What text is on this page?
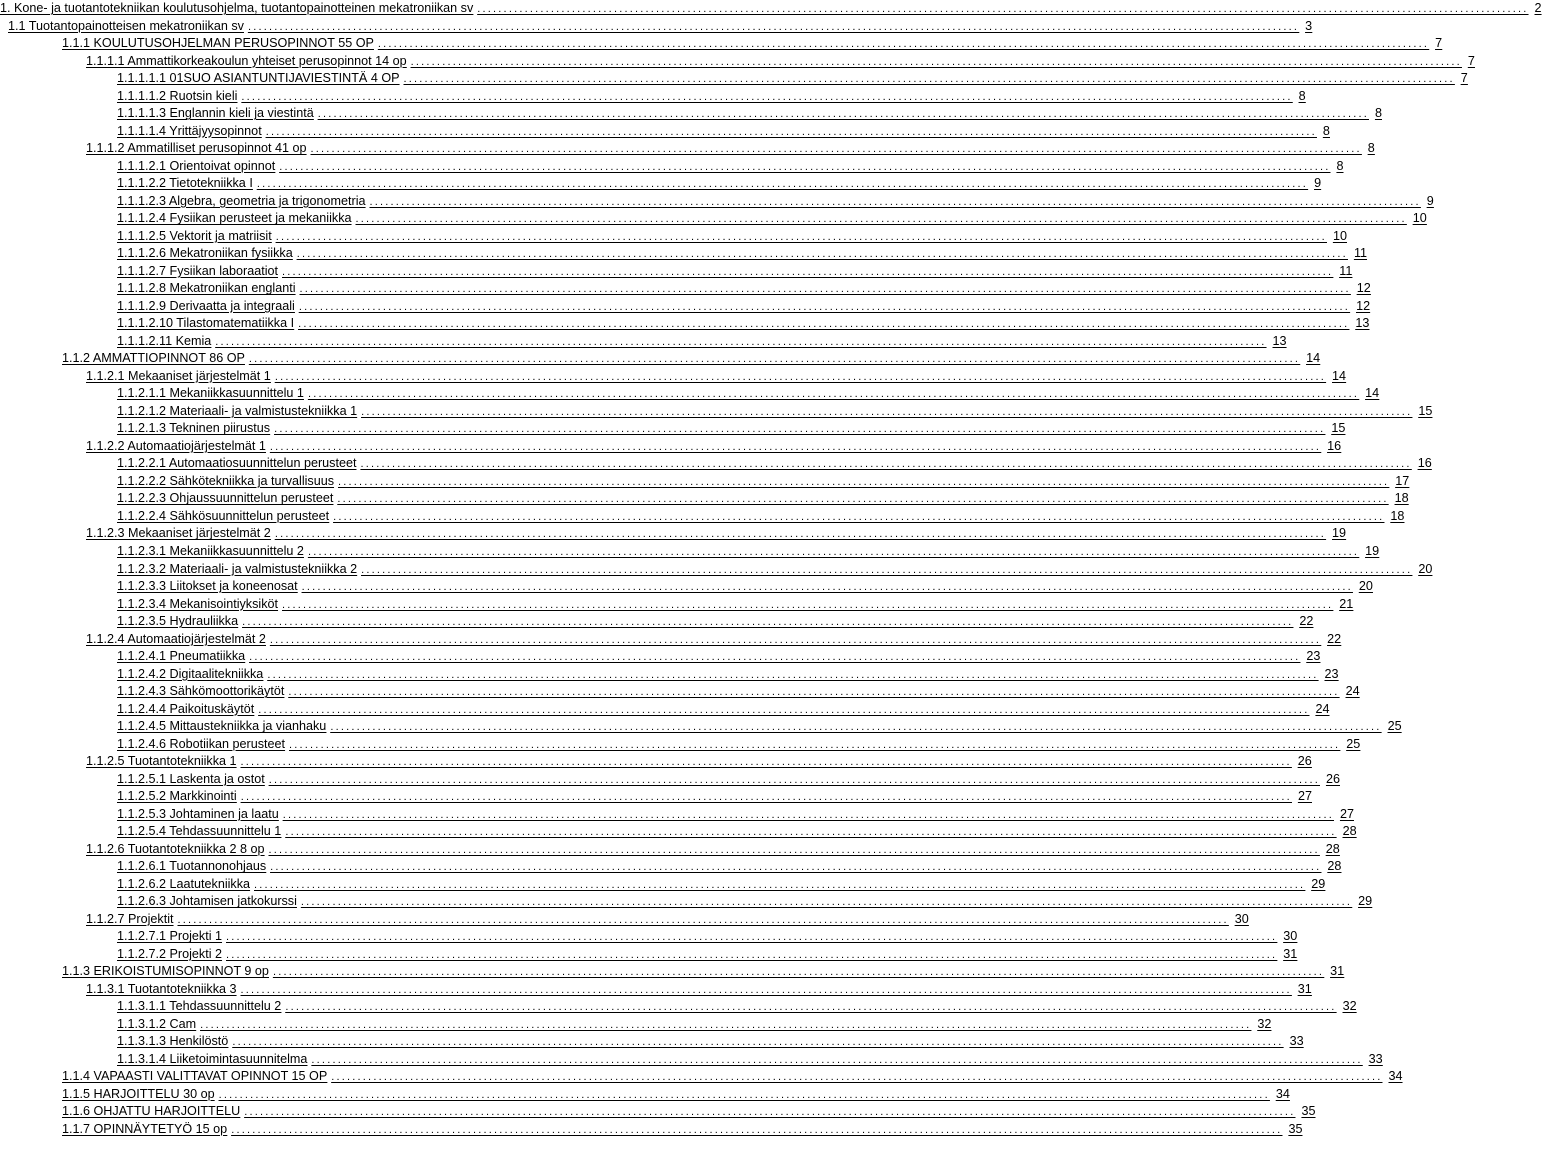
1. Kone- ja tuotantotekniikan koulutusohjelma, tuotantopainotteinen mekatroniikan sv ........................................................................................................................................................................................................ 2
1.1 Tuotantopainotteisen mekatroniikan sv ........................................................................................................................................................................................................ 3
1.1.1 KOULUTUSOHJELMAN PERUSOPINNOT 55 OP ........................................................................................................................................................................................................ 7
1.1.1.1 Ammattikorkeakoulun yhteiset perusopinnot 14 op ........................................................................................................................................................................................................ 7
1.1.1.1.1 01SUO ASIANTUNTIJAVIESTINTÄ 4 OP ........................................................................................................................................................................................................ 7
1.1.1.1.2 Ruotsin kieli ........................................................................................................................................................................................................ 8
1.1.1.1.3 Englannin kieli ja viestintä ........................................................................................................................................................................................................ 8
1.1.1.1.4 Yrittäjyysopinnot ........................................................................................................................................................................................................ 8
1.1.1.2 Ammatilliset perusopinnot 41 op ........................................................................................................................................................................................................ 8
1.1.1.2.1 Orientoivat opinnot ........................................................................................................................................................................................................ 8
1.1.1.2.2 Tietotekniikka I ........................................................................................................................................................................................................ 9
1.1.1.2.3 Algebra, geometria ja trigonometria ........................................................................................................................................................................................................ 9
1.1.1.2.4 Fysiikan perusteet ja mekaniikka ........................................................................................................................................................................................................ 10
1.1.1.2.5 Vektorit ja matriisit ........................................................................................................................................................................................................ 10
1.1.1.2.6 Mekatroniikan fysiikka ........................................................................................................................................................................................................ 11
1.1.1.2.7 Fysiikan laboraatiot ........................................................................................................................................................................................................ 11
1.1.1.2.8 Mekatroniikan englanti ........................................................................................................................................................................................................ 12
1.1.1.2.9 Derivaatta ja integraali ........................................................................................................................................................................................................ 12
1.1.1.2.10 Tilastomatematiikka I ........................................................................................................................................................................................................ 13
1.1.1.2.11 Kemia ........................................................................................................................................................................................................ 13
1.1.2 AMMATTIOPINNOT 86 OP ........................................................................................................................................................................................................ 14
1.1.2.1 Mekaaniset järjestelmät 1 ........................................................................................................................................................................................................ 14
1.1.2.1.1 Mekaniikkasuunnittelu 1 ........................................................................................................................................................................................................ 14
1.1.2.1.2 Materiaali- ja valmistustekniikka 1 ........................................................................................................................................................................................................ 15
1.1.2.1.3 Tekninen piirustus ........................................................................................................................................................................................................ 15
1.1.2.2 Automaatiojärjestelmät 1 ........................................................................................................................................................................................................ 16
1.1.2.2.1 Automaatiosuunnittelun perusteet ........................................................................................................................................................................................................ 16
1.1.2.2.2 Sähkötekniikka ja turvallisuus ........................................................................................................................................................................................................ 17
1.1.2.2.3 Ohjaussuunnittelun perusteet ........................................................................................................................................................................................................ 18
1.1.2.2.4 Sähkösuunnittelun perusteet ........................................................................................................................................................................................................ 18
1.1.2.3 Mekaaniset järjestelmät 2 ........................................................................................................................................................................................................ 19
1.1.2.3.1 Mekaniikkasuunnittelu 2 ........................................................................................................................................................................................................ 19
1.1.2.3.2 Materiaali- ja valmistustekniikka 2 ........................................................................................................................................................................................................ 20
1.1.2.3.3 Liitokset ja koneenosat ........................................................................................................................................................................................................ 20
1.1.2.3.4 Mekanisointiyksiköt ........................................................................................................................................................................................................ 21
1.1.2.3.5 Hydrauliikka ........................................................................................................................................................................................................ 22
1.1.2.4 Automaatiojärjestelmät 2 ........................................................................................................................................................................................................ 22
1.1.2.4.1 Pneumatiikka ........................................................................................................................................................................................................ 23
1.1.2.4.2 Digitaalitekniikka ........................................................................................................................................................................................................ 23
1.1.2.4.3 Sähkömoottorikäytöt ........................................................................................................................................................................................................ 24
1.1.2.4.4 Paikoituskäytöt ........................................................................................................................................................................................................ 24
1.1.2.4.5 Mittaustekniikka ja vianhaku ........................................................................................................................................................................................................ 25
1.1.2.4.6 Robotiikan perusteet ........................................................................................................................................................................................................ 25
1.1.2.5 Tuotantotekniikka 1 ........................................................................................................................................................................................................ 26
1.1.2.5.1 Laskenta ja ostot ........................................................................................................................................................................................................ 26
1.1.2.5.2 Markkinointi ........................................................................................................................................................................................................ 27
1.1.2.5.3 Johtaminen ja laatu ........................................................................................................................................................................................................ 27
1.1.2.5.4 Tehdassuunnittelu 1 ........................................................................................................................................................................................................ 28
1.1.2.6 Tuotantotekniikka 2 8 op ........................................................................................................................................................................................................ 28
1.1.2.6.1 Tuotannonohjaus ........................................................................................................................................................................................................ 28
1.1.2.6.2 Laatutekniikka ........................................................................................................................................................................................................ 29
1.1.2.6.3 Johtamisen jatkokurssi ........................................................................................................................................................................................................ 29
1.1.2.7 Projektit ........................................................................................................................................................................................................ 30
1.1.2.7.1 Projekti 1 ........................................................................................................................................................................................................ 30
1.1.2.7.2 Projekti 2 ........................................................................................................................................................................................................ 31
1.1.3 ERIKOISTUMISOPINNOT 9 op ........................................................................................................................................................................................................ 31
1.1.3.1 Tuotantotekniikka 3 ........................................................................................................................................................................................................ 31
1.1.3.1.1 Tehdassuunnittelu 2 ........................................................................................................................................................................................................ 32
1.1.3.1.2 Cam ........................................................................................................................................................................................................ 32
1.1.3.1.3 Henkilöstö ........................................................................................................................................................................................................ 33
1.1.3.1.4 Liiketoimintasuunnitelma ........................................................................................................................................................................................................ 33
1.1.4 VAPAASTI VALITTAVAT OPINNOT 15 OP ........................................................................................................................................................................................................ 34
1.1.5 HARJOITTELU 30 op ........................................................................................................................................................................................................ 34
1.1.6 OHJATTU HARJOITTELU ........................................................................................................................................................................................................ 35
1.1.7 OPINNÄYTETYÖ 15 op ........................................................................................................................................................................................................ 35
